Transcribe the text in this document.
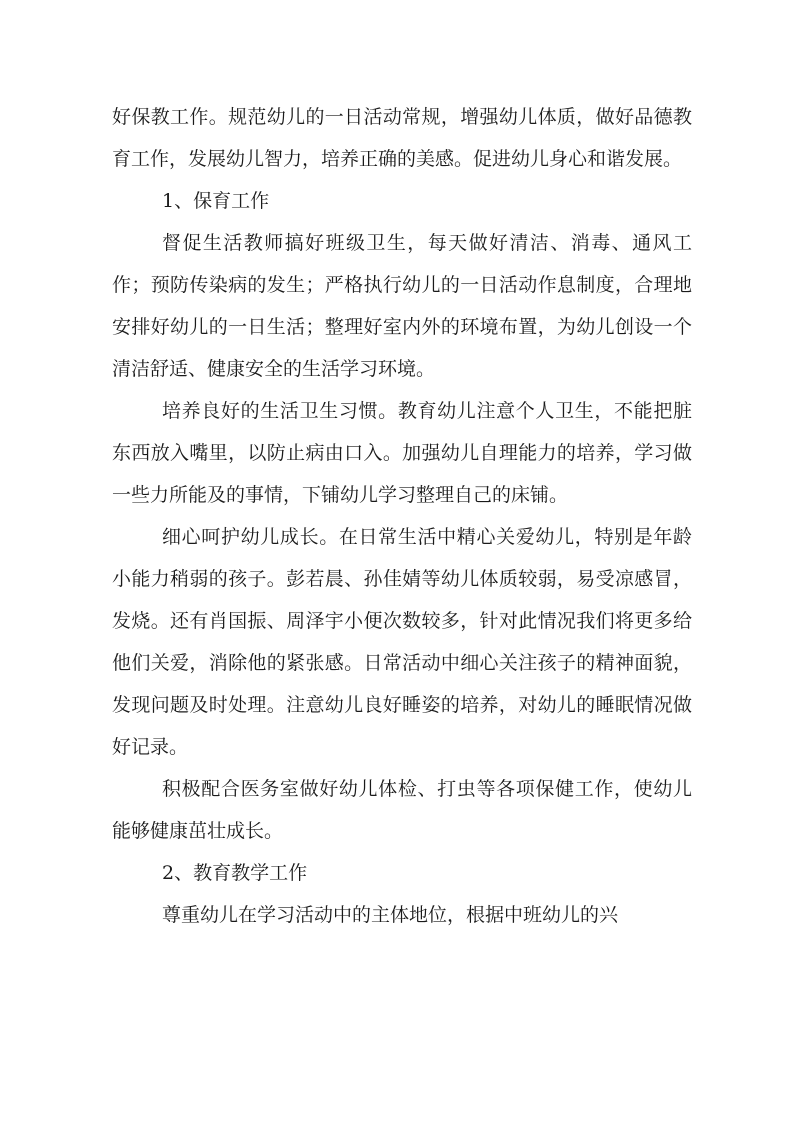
好保教工作。规范幼儿的一日活动常规，增强幼儿体质，做好品德教育工作，发展幼儿智力，培养正确的美感。促进幼儿身心和谐发展。

1、保育工作

督促生活教师搞好班级卫生，每天做好清洁、消毒、通风工作；预防传染病的发生；严格执行幼儿的一日活动作息制度，合理地安排好幼儿的一日生活；整理好室内外的环境布置，为幼儿创设一个清洁舒适、健康安全的生活学习环境。

培养良好的生活卫生习惯。教育幼儿注意个人卫生，不能把脏东西放入嘴里，以防止病由口入。加强幼儿自理能力的培养，学习做一些力所能及的事情，下铺幼儿学习整理自己的床铺。

细心呵护幼儿成长。在日常生活中精心关爱幼儿，特别是年龄小能力稍弱的孩子。彭若晨、孙佳婧等幼儿体质较弱，易受凉感冒，发烧。还有肖国振、周泽宇小便次数较多，针对此情况我们将更多给他们关爱，消除他的紧张感。日常活动中细心关注孩子的精神面貌，发现问题及时处理。注意幼儿良好睡姿的培养，对幼儿的睡眠情况做好记录。

积极配合医务室做好幼儿体检、打虫等各项保健工作，使幼儿能够健康茁壮成长。

2、教育教学工作

尊重幼儿在学习活动中的主体地位，根据中班幼儿的兴
